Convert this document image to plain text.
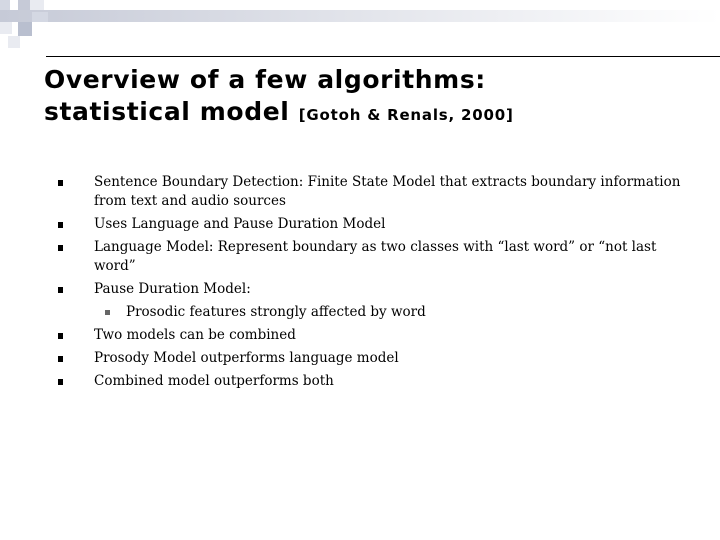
Overview of a few algorithms:
statistical model [Gotoh & Renals, 2000]
Sentence Boundary Detection: Finite State Model that extracts boundary information from text and audio sources
Uses Language and Pause Duration Model
Language Model: Represent boundary as two classes with “last word” or “not last word”
Pause Duration Model:
Prosodic features strongly affected by word
Two models can be combined
Prosody Model outperforms language model
Combined model outperforms both
